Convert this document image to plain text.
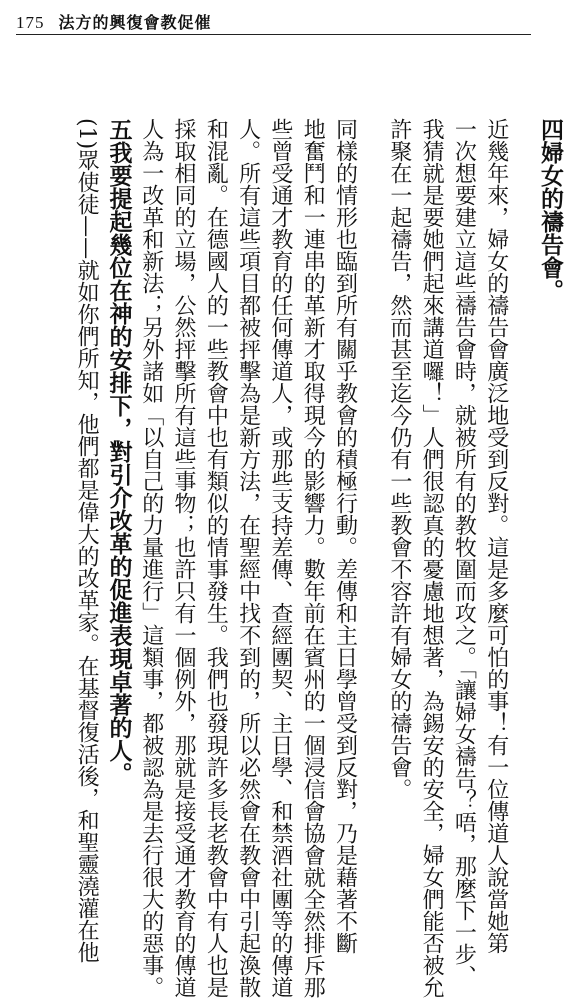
175 法方的興復會教促催
四婦女的禱告會。
近幾年來，婦女的禱告會廣泛地受到反對。這是多麼可怕的事！有一位傳道人說當她第
一次想要建立這些禱告會時，就被所有的教牧圍而攻之。「讓婦女禱告？唔，那麼下一步、
我猜就是要她們起來講道囉！」人們很認真的憂慮地想著，為錫安的安全，婦女們能否被允
許聚在一起禱告，然而甚至迄今仍有一些教會不容許有婦女的禱告會。
同樣的情形也臨到所有關乎教會的積極行動。差傳和主日學曾受到反對，乃是藉著不斷
地奮鬥和一連串的革新才取得現今的影響力。數年前在賓州的一個浸信會協會就全然排斥那
些曾受通才教育的任何傳道人，或那些支持差傳、查經團契、主日學、和禁酒社團等的傳道
人。所有這些項目都被抨擊為是新方法，在聖經中找不到的，所以必然會在教會中引起渙散
和混亂。在德國人的一些教會中也有類似的情事發生。我們也發現許多長老教會中有人也是
採取相同的立場，公然抨擊所有這些事物；也許只有一個例外，那就是接受通才教育的傳道
人為一改革和新法；另外諸如「以自己的力量進行」這類事，都被認為是去行很大的惡事。
五我要提起幾位在神的安排下，對引介改革的促進表現卓著的人。
(1)眾使徒——就如你們所知，他們都是偉大的改革家。在基督復活後，和聖靈澆灌在他
